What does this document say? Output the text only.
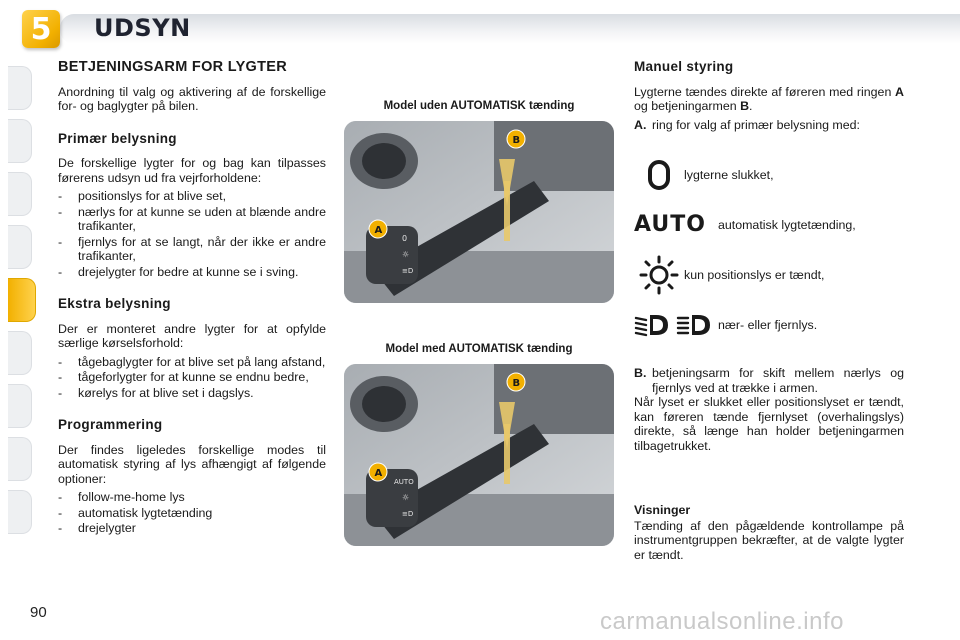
5	UDSYN
90
BETJENINGSARM FOR LYGTER

Anordning til valg og aktivering af de forskellige for- og baglygter på bilen.

Primær belysning

De forskellige lygter for og bag kan tilpasses førerens udsyn ud fra vejrforholdene:

- positionslys for at blive set,
- nærlys for at kunne se uden at blænde andre trafikanter,
- fjernlys for at se langt, når der ikke er andre trafikanter,
- drejelygter for bedre at kunne se i sving.
Ekstra belysning

Der er monteret andre lygter for at opfylde særlige kørselsforhold:

- tågebaglygter for at blive set på lang afstand,
- tågeforlygter for at kunne se endnu bedre,
- kørelys for at blive set i dagslys.
Programmering

Der findes ligeledes forskellige modes til automatisk styring af lys afhængigt af følgende optioner:

- follow-me-home lys
- automatisk lygtetænding
- drejelygter
Model uden AUTOMATISK tænding
0
☼
≡D
B
A
Model med AUTOMATISK tænding
AUTO
☼
≡D
B
A
Manuel styring

Lygterne tændes direkte af føreren med ringen A og betjeningarmen B.

A. ring for valg af primær belysning med:
lygterne slukket,
AUTO automatisk lygtetænding,
kun positionslys er tændt,
nær- eller fjernlys.
B. betjeningsarm for skift mellem nærlys og fjernlys ved at trække i armen.

Når lyset er slukket eller positionslyset er tændt, kan føreren tænde fjernlyset (overhalingslys) direkte, så længe han holder betjeningarmen tilbagetrukket.

Visninger

Tænding af den pågældende kontrollampe på instrumentgruppen bekræfter, at de valgte lygter er tændt.

carmanualsonline.info
